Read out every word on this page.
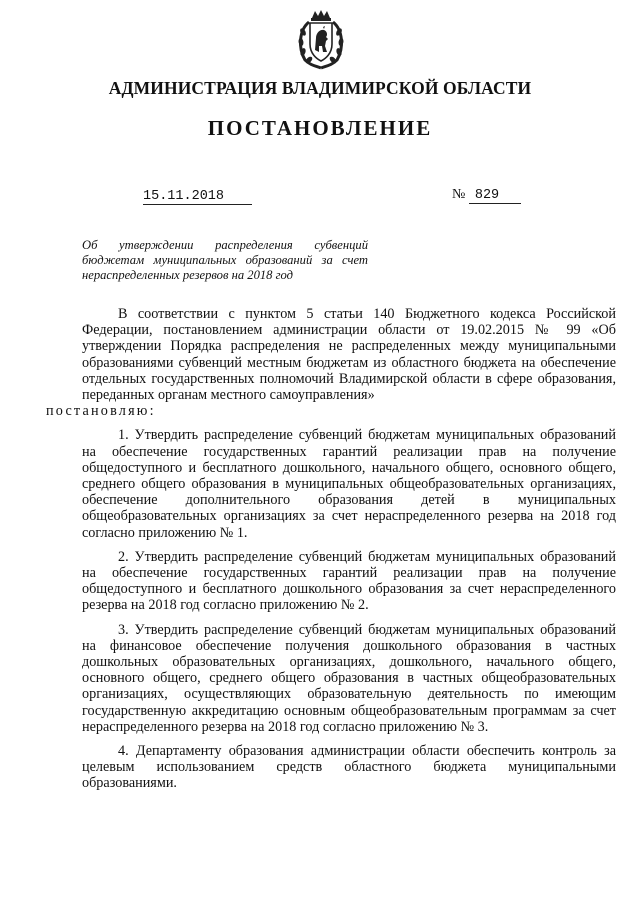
АДМИНИСТРАЦИЯ ВЛАДИМИРСКОЙ ОБЛАСТИ
ПОСТАНОВЛЕНИЕ
15.11.2018	№ 829
Об утверждении распределения субвенций бюджетам муниципальных образований за счет нераспределенных резервов на 2018 год

В соответствии с пунктом 5 статьи 140 Бюджетного кодекса Российской Федерации, постановлением администрации области от 19.02.2015 № 99 «Об утверждении Порядка распределения не распределенных между муниципальными образованиями субвенций местным бюджетам из областного бюджета на обеспечение отдельных государственных полномочий Владимирской области в сфере образования, переданных органам местного самоуправления»
постановляю:

1. Утвердить распределение субвенций бюджетам муниципальных образований на обеспечение государственных гарантий реализации прав на получение общедоступного и бесплатного дошкольного, начального общего, основного общего, среднего общего образования в муниципальных общеобразовательных организациях, обеспечение дополнительного образования детей в муниципальных общеобразовательных организациях за счет нераспределенного резерва на 2018 год согласно приложению № 1.

2. Утвердить распределение субвенций бюджетам муниципальных образований на обеспечение государственных гарантий реализации прав на получение общедоступного и бесплатного дошкольного образования за счет нераспределенного резерва на 2018 год согласно приложению № 2.

3. Утвердить распределение субвенций бюджетам муниципальных образований на финансовое обеспечение получения дошкольного образования в частных дошкольных образовательных организациях, дошкольного, начального общего, основного общего, среднего общего образования в частных общеобразовательных организациях, осуществляющих образовательную деятельность по имеющим государственную аккредитацию основным общеобразовательным программам за счет нераспределенного резерва на 2018 год согласно приложению № 3.

4. Департаменту образования администрации области обеспечить контроль за целевым использованием средств областного бюджета муниципальными образованиями.
